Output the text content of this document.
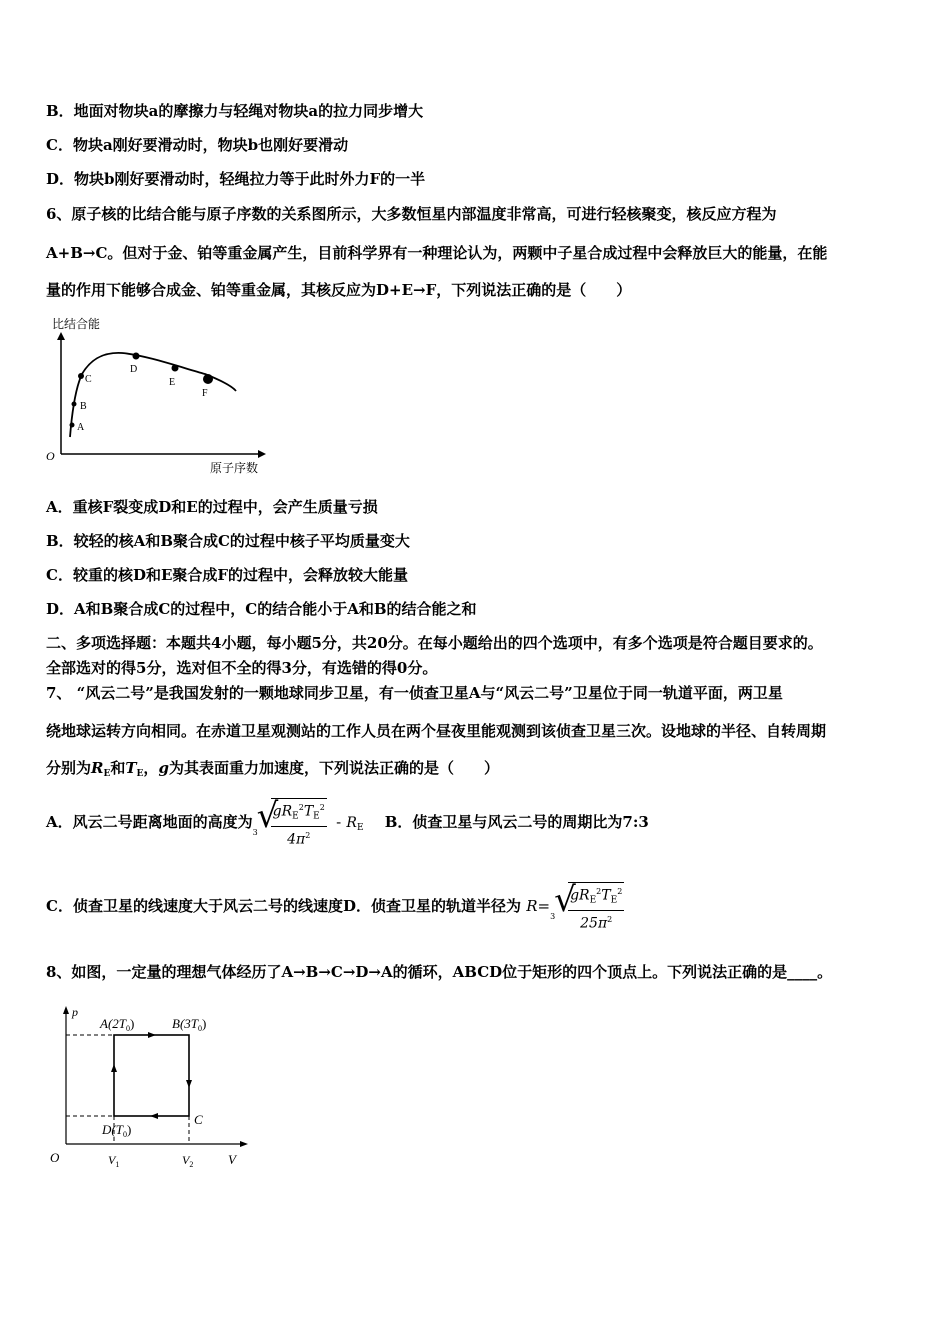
B．地面对物块a的摩擦力与轻绳对物块a的拉力同步增大
C．物块a刚好要滑动时，物块b也刚好要滑动
D．物块b刚好要滑动时，轻绳拉力等于此时外力F的一半
6、原子核的比结合能与原子序数的关系图所示，大多数恒星内部温度非常高，可进行轻核聚变，核反应方程为
A+B→C。但对于金、铂等重金属产生，目前科学界有一种理论认为，两颗中子星合成过程中会释放巨大的能量，在能
量的作用下能够合成金、铂等重金属，其核反应为D+E→F，下列说法正确的是（　　）
比结合能
O
原子序数
A
B
C
D
E
F
A．重核F裂变成D和E的过程中，会产生质量亏损
B．较轻的核A和B聚合成C的过程中核子平均质量变大
C．较重的核D和E聚合成F的过程中，会释放较大能量
D．A和B聚合成C的过程中，C的结合能小于A和B的结合能之和
二、多项选择题：本题共4小题，每小题5分，共20分。在每小题给出的四个选项中，有多个选项是符合题目要求的。
全部选对的得5分，选对但不全的得3分，有选错的得0分。
7、 “风云二号”是我国发射的一颗地球同步卫星，有一侦查卫星A与“风云二号”卫星位于同一轨道平面，两卫星
绕地球运转方向相同。在赤道卫星观测站的工作人员在两个昼夜里能观测到该侦查卫星三次。设地球的半径、自转周期
分别为$R_E$和$T_E$，g为其表面重力加速度，下列说法正确的是（　　）
A．风云二号距离地面的高度为
3
√
$\frac{gR_E^2T_E^2}{4\pi^2} - R_E$ B．侦查卫星与风云二号的周期比为7:3
C．侦查卫星的线速度大于风云二号的线速度D．侦查卫星的轨道半径为 R=
3
√
$\frac{gR_E^2T_E^2}{25\pi^2}$
8、如图，一定量的理想气体经历了A→B→C→D→A的循环，ABCD位于矩形的四个顶点上。下列说法正确的是____。
p
O	V
$A(2T_0)$	$B(3T_0)$
C
$D(T_0)$
$V_1$	$V_2$
